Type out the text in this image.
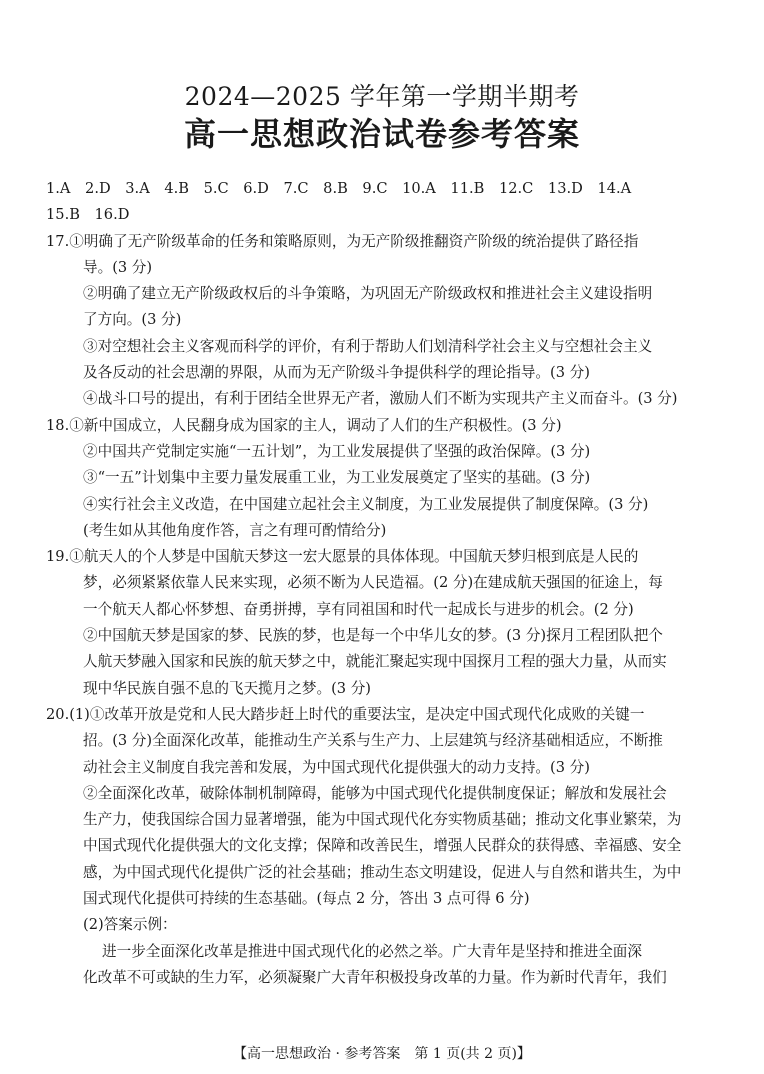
2024—2025 学年第一学期半期考
高一思想政治试卷参考答案
1.A　2.D　3.A　4.B　5.C　6.D　7.C　8.B　9.C　10.A　11.B　12.C　13.D　14.A
15.B　16.D
17.①明确了无产阶级革命的任务和策略原则，为无产阶级推翻资产阶级的统治提供了路径指
导。(3 分)
②明确了建立无产阶级政权后的斗争策略，为巩固无产阶级政权和推进社会主义建设指明
了方向。(3 分)
③对空想社会主义客观而科学的评价，有利于帮助人们划清科学社会主义与空想社会主义
及各反动的社会思潮的界限，从而为无产阶级斗争提供科学的理论指导。(3 分)
④战斗口号的提出，有利于团结全世界无产者，激励人们不断为实现共产主义而奋斗。(3 分)
18.①新中国成立，人民翻身成为国家的主人，调动了人们的生产积极性。(3 分)
②中国共产党制定实施“一五计划”，为工业发展提供了坚强的政治保障。(3 分)
③“一五”计划集中主要力量发展重工业，为工业发展奠定了坚实的基础。(3 分)
④实行社会主义改造，在中国建立起社会主义制度，为工业发展提供了制度保障。(3 分)
(考生如从其他角度作答，言之有理可酌情给分)
19.①航天人的个人梦是中国航天梦这一宏大愿景的具体体现。中国航天梦归根到底是人民的
梦，必须紧紧依靠人民来实现，必须不断为人民造福。(2 分)在建成航天强国的征途上，每
一个航天人都心怀梦想、奋勇拼搏，享有同祖国和时代一起成长与进步的机会。(2 分)
②中国航天梦是国家的梦、民族的梦，也是每一个中华儿女的梦。(3 分)探月工程团队把个
人航天梦融入国家和民族的航天梦之中，就能汇聚起实现中国探月工程的强大力量，从而实
现中华民族自强不息的飞天揽月之梦。(3 分)
20.(1)①改革开放是党和人民大踏步赶上时代的重要法宝，是决定中国式现代化成败的关键一
招。(3 分)全面深化改革，能推动生产关系与生产力、上层建筑与经济基础相适应，不断推
动社会主义制度自我完善和发展，为中国式现代化提供强大的动力支持。(3 分)
②全面深化改革，破除体制机制障碍，能够为中国式现代化提供制度保证；解放和发展社会
生产力，使我国综合国力显著增强，能为中国式现代化夯实物质基础；推动文化事业繁荣，为
中国式现代化提供强大的文化支撑；保障和改善民生，增强人民群众的获得感、幸福感、安全
感，为中国式现代化提供广泛的社会基础；推动生态文明建设，促进人与自然和谐共生，为中
国式现代化提供可持续的生态基础。(每点 2 分，答出 3 点可得 6 分)
(2)答案示例：
进一步全面深化改革是推进中国式现代化的必然之举。广大青年是坚持和推进全面深
化改革不可或缺的生力军，必须凝聚广大青年积极投身改革的力量。作为新时代青年，我们
【高一思想政治 · 参考答案　第 1 页(共 2 页)】
